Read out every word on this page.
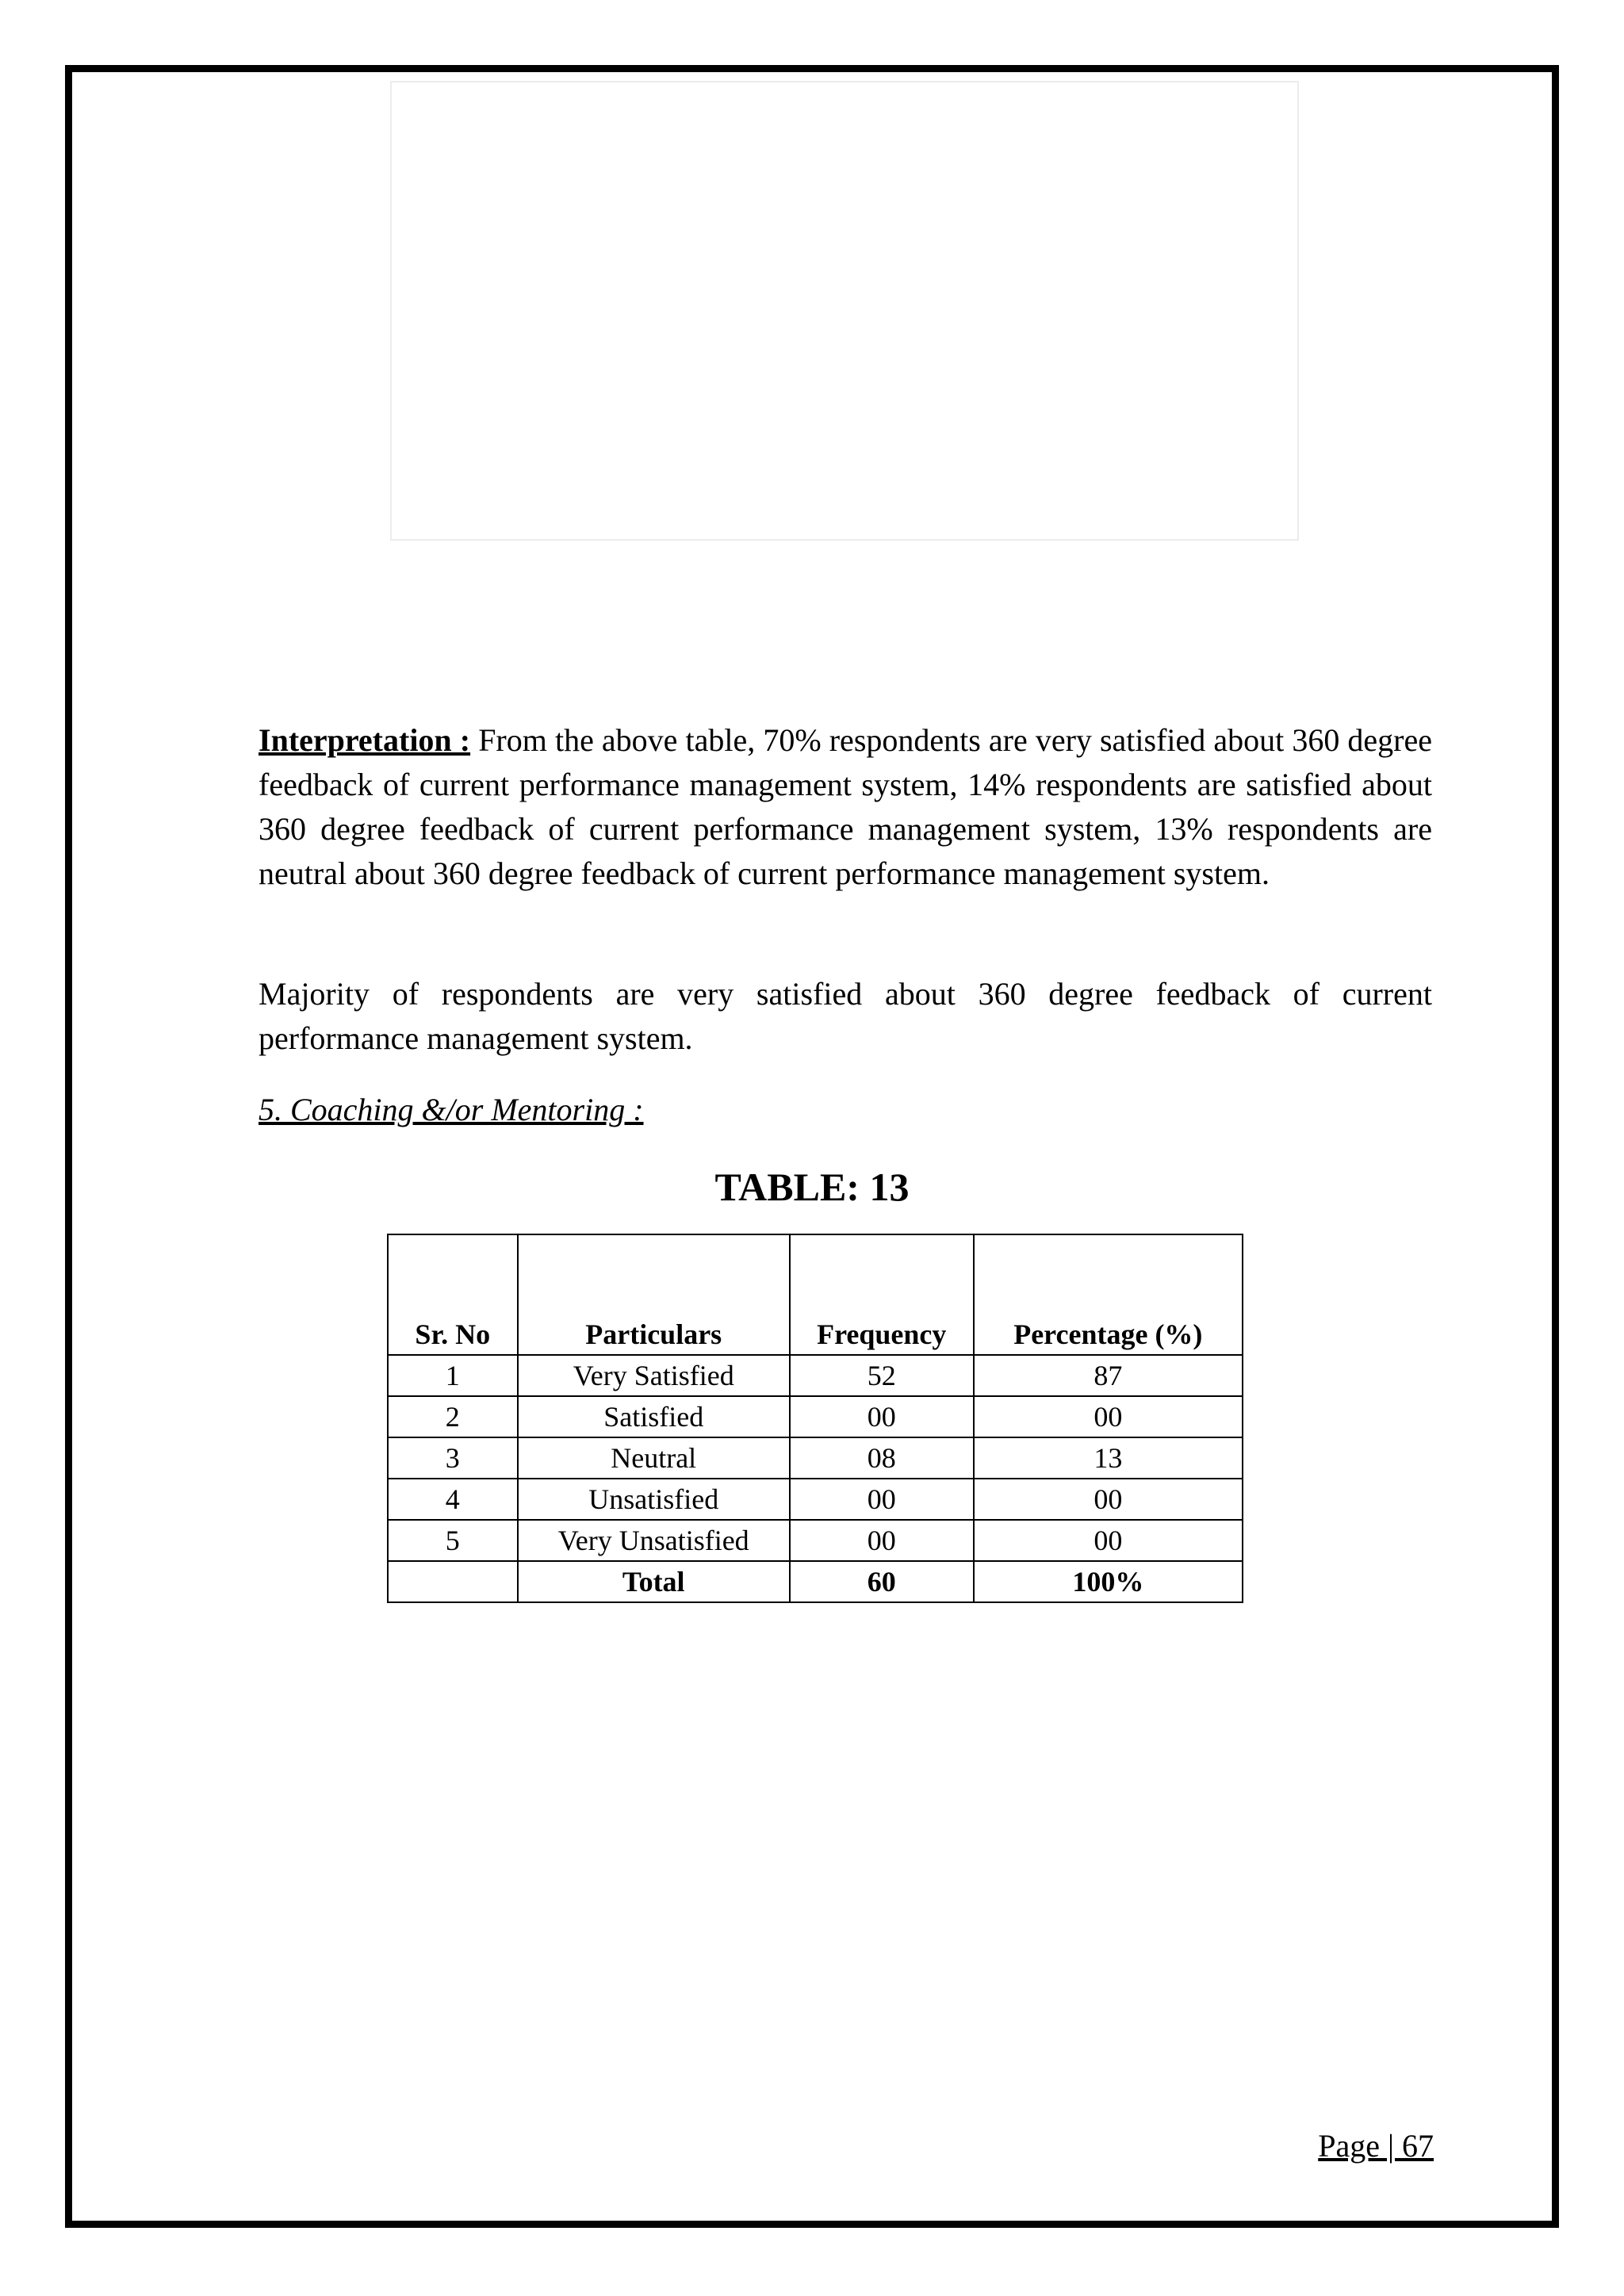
Interpretation : From the above table, 70% respondents are very satisfied about 360 degree feedback of current performance management system, 14% respondents are satisfied about 360 degree feedback of current performance management system, 13% respondents are neutral about 360 degree feedback of current performance management system.

Majority of respondents are very satisfied about 360 degree feedback of current performance management system.

5. Coaching &/or Mentoring :

TABLE: 13

Sr. No	Particulars	Frequency	Percentage (%)
1	Very Satisfied	52	87
2	Satisfied	00	00
3	Neutral	08	13
4	Unsatisfied	00	00
5	Very Unsatisfied	00	00
	Total	60	100%

Page | 67
